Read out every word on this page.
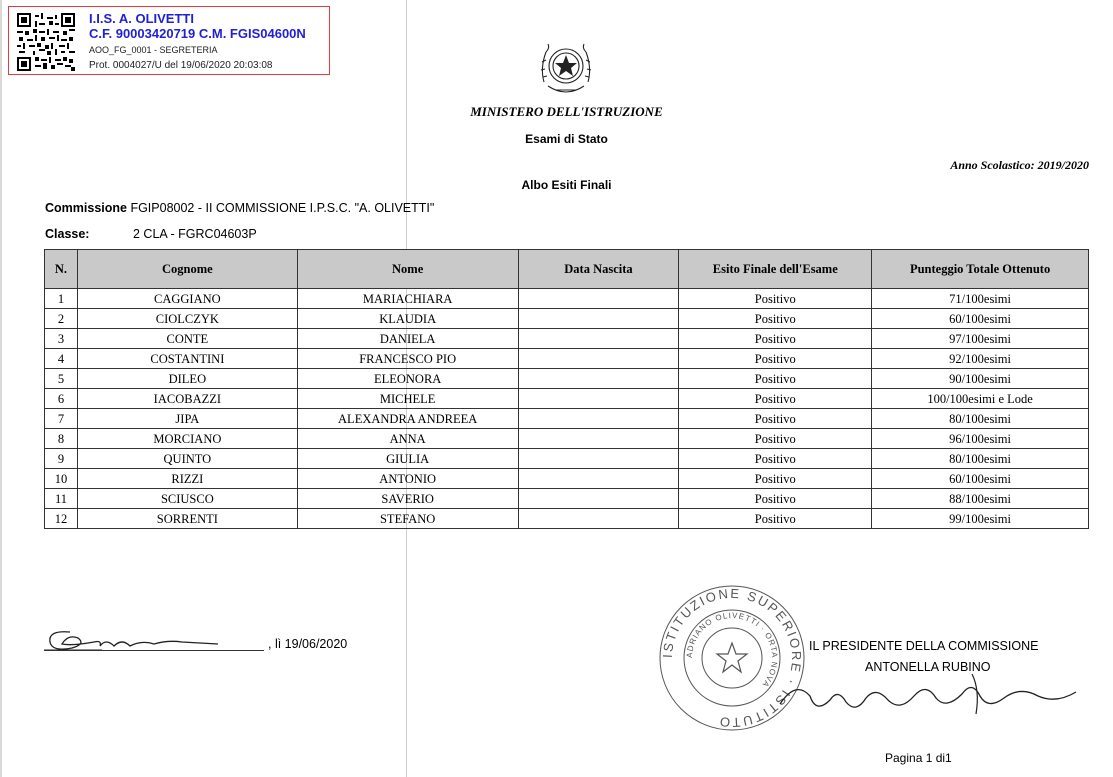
I.I.S. A. OLIVETTI
C.F. 90003420719 C.M. FGIS04600N
AOO_FG_0001 - SEGRETERIA
Prot. 0004027/U del 19/06/2020 20:03:08
MINISTERO DELL'ISTRUZIONE
Esami di Stato
Anno Scolastico: 2019/2020
Albo Esiti Finali
Commissione FGIP08002 - II COMMISSIONE I.P.S.C. "A. OLIVETTI"
Classe:	2 CLA - FGRC04603P
N.	Cognome	Nome	Data Nascita	Esito Finale dell'Esame	Punteggio Totale Ottenuto
1	CAGGIANO	MARIACHIARA		Positivo	71/100esimi
2	CIOLCZYK	KLAUDIA		Positivo	60/100esimi
3	CONTE	DANIELA		Positivo	97/100esimi
4	COSTANTINI	FRANCESCO PIO		Positivo	92/100esimi
5	DILEO	ELEONORA		Positivo	90/100esimi
6	IACOBAZZI	MICHELE		Positivo	100/100esimi e Lode
7	JIPA	ALEXANDRA ANDREEA		Positivo	80/100esimi
8	MORCIANO	ANNA		Positivo	96/100esimi
9	QUINTO	GIULIA		Positivo	80/100esimi
10	RIZZI	ANTONIO		Positivo	60/100esimi
11	SCIUSCO	SAVERIO		Positivo	88/100esimi
12	SORRENTI	STEFANO		Positivo	99/100esimi
, lì 19/06/2020
ISTITUZIONE SUPERIORE · ISTITUTO
ADRIANO OLIVETTI · ORTA NOVA
IL PRESIDENTE DELLA COMMISSIONE
ANTONELLA RUBINO
Pagina 1 di1
